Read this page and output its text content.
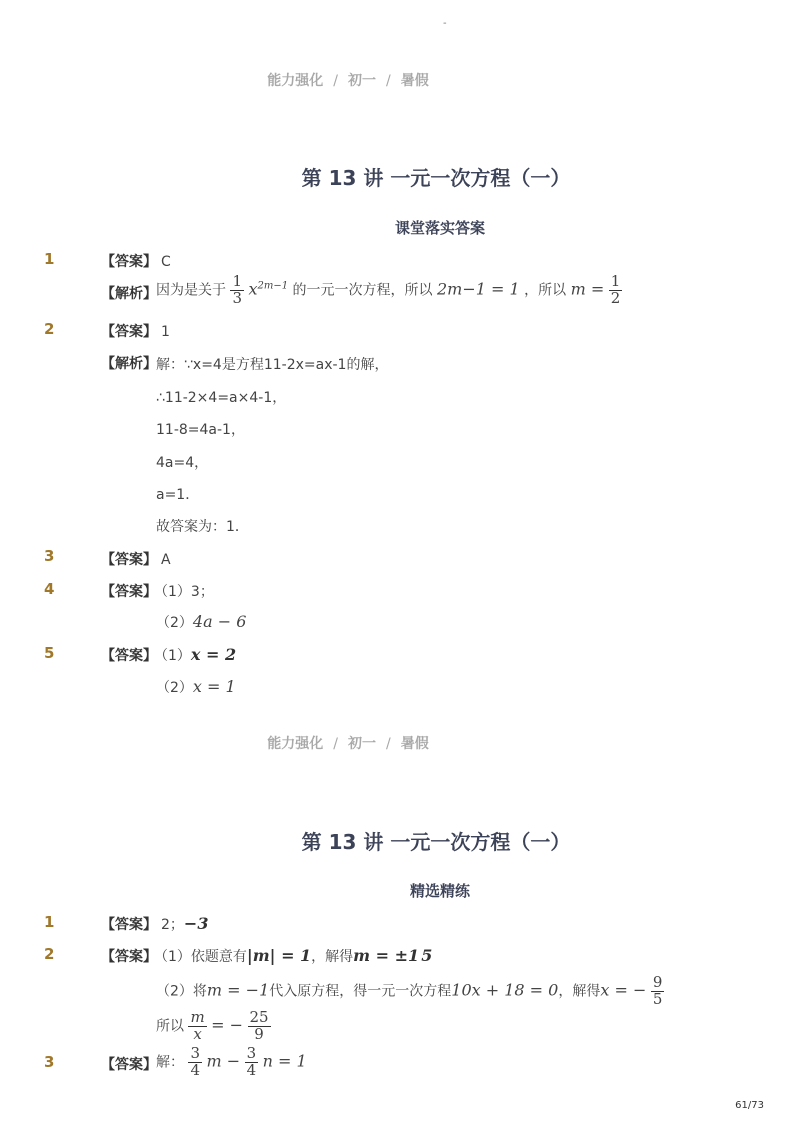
-
能力强化 / 初一 / 暑假
第 13 讲 一元一次方程（一）
课堂落实答案
1	【答案】 C
【解析】 因为是关于 $\frac{1}{3} x^{2m-1}$ 的一元一次方程，所以 2m−1 = 1 ，所以 $m = \frac{1}{2}$
2	【答案】 1
【解析】 解：∵x=4是方程11-2x=ax-1的解，
∴11-2×4=a×4-1，
11-8=4a-1，
4a=4，
a=1．
故答案为：1．
3	【答案】 A
4	【答案】 （1）3；
（2）4a − 6
5	【答案】 （1）x = 2
（2）x = 1
能力强化 / 初一 / 暑假
第 13 讲 一元一次方程（一）
精选精练
1	【答案】 2；−3
2	【答案】 （1）依题意有|m| = 1，解得m = ±1 5
（2）将m = −1代入原方程，得一元一次方程10x + 18 = 0，解得x = − $\frac{9}{5}$
所以 $\frac{m}{x}$ = − $\frac{25}{9}$
3	【答案】 解： $\frac{3}{4}$ $m - \frac{3}{4}$ n = 1
61/73
